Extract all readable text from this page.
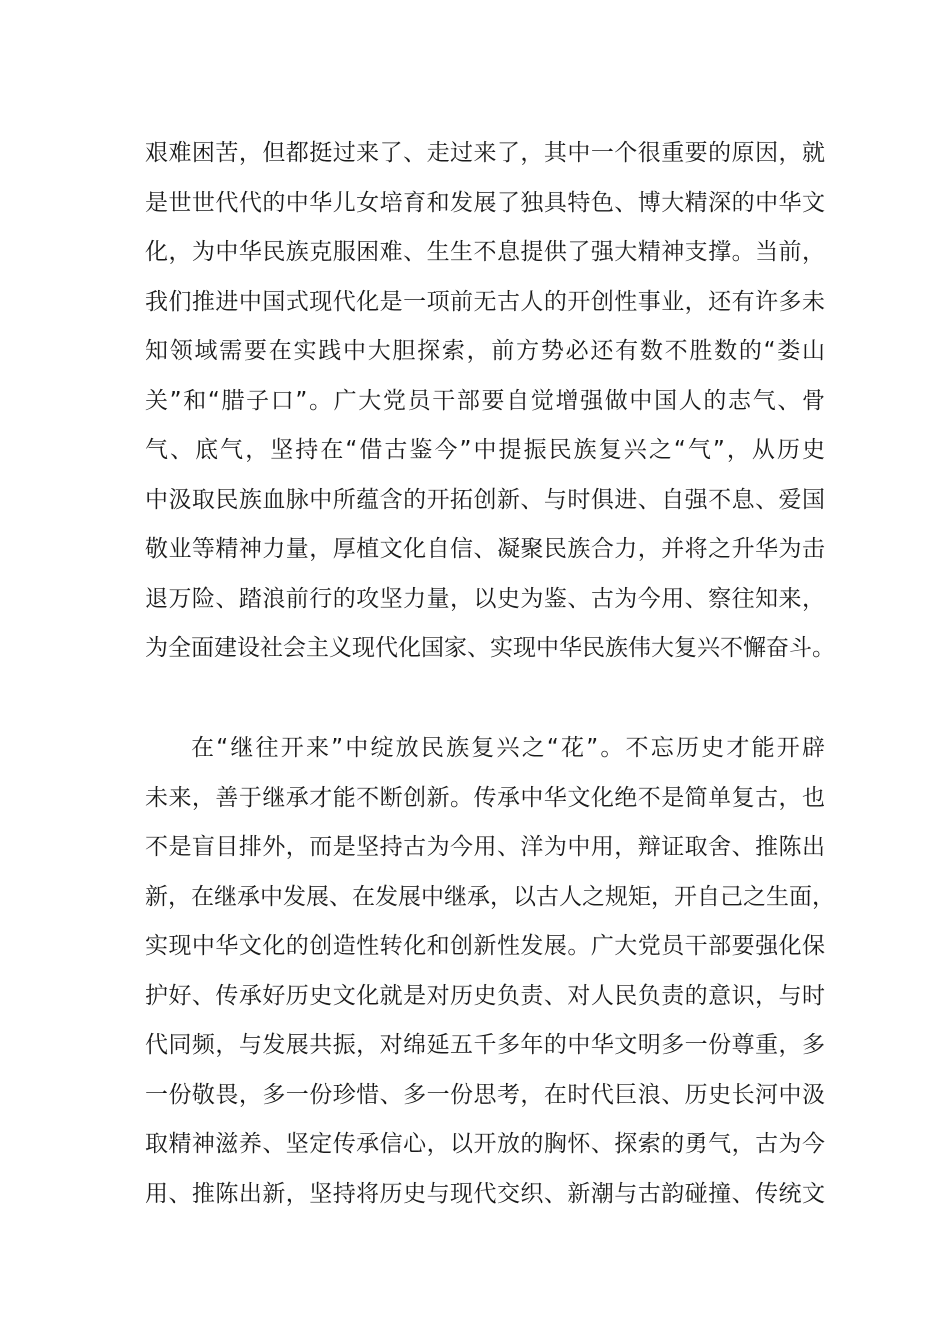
艰难困苦，但都挺过来了、走过来了，其中一个很重要的原因，就
是世世代代的中华儿女培育和发展了独具特色、博大精深的中华文
化，为中华民族克服困难、生生不息提供了强大精神支撑。当前，
我们推进中国式现代化是一项前无古人的开创性事业，还有许多未
知领域需要在实践中大胆探索，前方势必还有数不胜数的“娄山
关”和“腊子口”。广大党员干部要自觉增强做中国人的志气、骨
气、底气，坚持在“借古鉴今”中提振民族复兴之“气”，从历史
中汲取民族血脉中所蕴含的开拓创新、与时俱进、自强不息、爱国
敬业等精神力量，厚植文化自信、凝聚民族合力，并将之升华为击
退万险、踏浪前行的攻坚力量，以史为鉴、古为今用、察往知来，
为全面建设社会主义现代化国家、实现中华民族伟大复兴不懈奋斗。
在“继往开来”中绽放民族复兴之“花”。不忘历史才能开辟
未来，善于继承才能不断创新。传承中华文化绝不是简单复古，也
不是盲目排外，而是坚持古为今用、洋为中用，辩证取舍、推陈出
新，在继承中发展、在发展中继承，以古人之规矩，开自己之生面，
实现中华文化的创造性转化和创新性发展。广大党员干部要强化保
护好、传承好历史文化就是对历史负责、对人民负责的意识，与时
代同频，与发展共振，对绵延五千多年的中华文明多一份尊重，多
一份敬畏，多一份珍惜、多一份思考，在时代巨浪、历史长河中汲
取精神滋养、坚定传承信心，以开放的胸怀、探索的勇气，古为今
用、推陈出新，坚持将历史与现代交织、新潮与古韵碰撞、传统文
